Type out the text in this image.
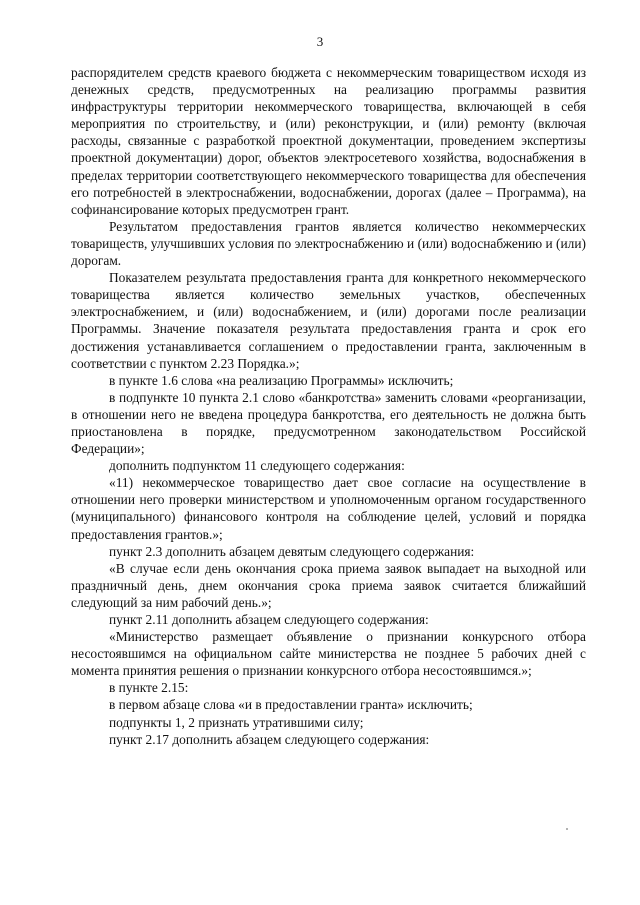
3

распорядителем средств краевого бюджета с некоммерческим товариществом исходя из денежных средств, предусмотренных на реализацию программы развития инфраструктуры территории некоммерческого товарищества, включающей в себя мероприятия по строительству, и (или) реконструкции, и (или) ремонту (включая расходы, связанные с разработкой проектной документации, проведением экспертизы проектной документации) дорог, объектов электросетевого хозяйства, водоснабжения в пределах территории соответствующего некоммерческого товарищества для обеспечения его потребностей в электроснабжении, водоснабжении, дорогах (далее – Программа), на софинансирование которых предусмотрен грант.

Результатом предоставления грантов является количество некоммерческих товариществ, улучшивших условия по электроснабжению и (или) водоснабжению и (или) дорогам.

Показателем результата предоставления гранта для конкретного некоммерческого товарищества является количество земельных участков, обеспеченных электроснабжением, и (или) водоснабжением, и (или) дорогами после реализации Программы. Значение показателя результата предоставления гранта и срок его достижения устанавливается соглашением о предоставлении гранта, заключенным в соответствии с пунктом 2.23 Порядка.»;

в пункте 1.6 слова «на реализацию Программы» исключить;

в подпункте 10 пункта 2.1 слово «банкротства» заменить словами «реорганизации, в отношении него не введена процедура банкротства, его деятельность не должна быть приостановлена в порядке, предусмотренном законодательством Российской Федерации»;

дополнить подпунктом 11 следующего содержания:

«11) некоммерческое товарищество дает свое согласие на осуществление в отношении него проверки министерством и уполномоченным органом государственного (муниципального) финансового контроля на соблюдение целей, условий и порядка предоставления грантов.»;

пункт 2.3 дополнить абзацем девятым следующего содержания:

«В случае если день окончания срока приема заявок выпадает на выходной или праздничный день, днем окончания срока приема заявок считается ближайший следующий за ним рабочий день.»;

пункт 2.11 дополнить абзацем следующего содержания:

«Министерство размещает объявление о признании конкурсного отбора несостоявшимся на официальном сайте министерства не позднее 5 рабочих дней с момента принятия решения о признании конкурсного отбора несостоявшимся.»;

в пункте 2.15:

в первом абзаце слова «и в предоставлении гранта» исключить;

подпункты 1, 2 признать утратившими силу;

пункт 2.17 дополнить абзацем следующего содержания:
